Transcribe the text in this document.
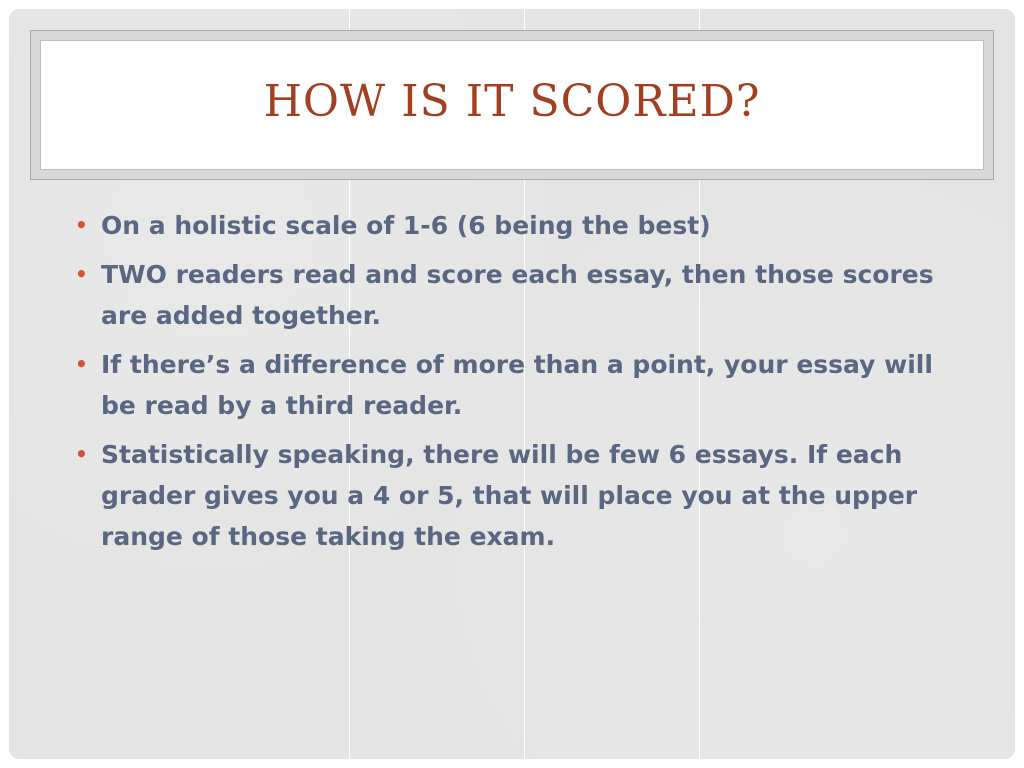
HOW IS IT SCORED?
• On a holistic scale of 1-6 (6 being the best)
• TWO readers read and score each essay, then those scores are added together.
• If there’s a difference of more than a point, your essay will be read by a third reader.
• Statistically speaking, there will be few 6 essays. If each grader gives you a 4 or 5, that will place you at the upper range of those taking the exam.
